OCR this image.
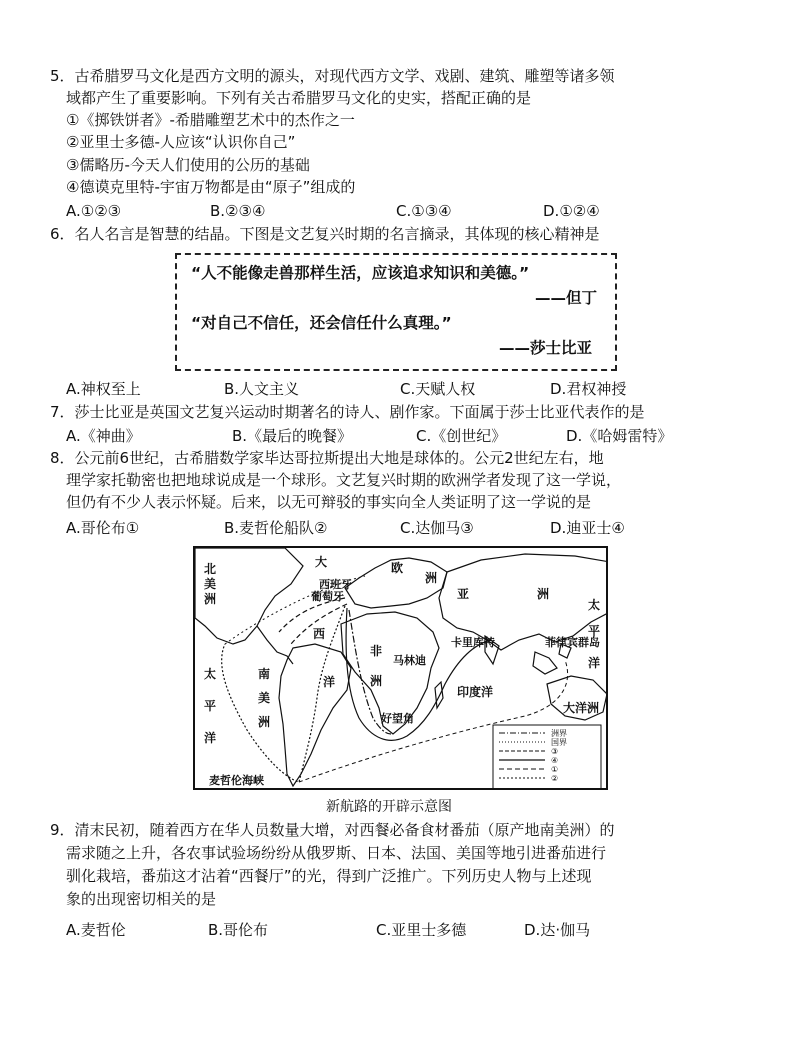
5．古希腊罗马文化是西方文明的源头，对现代西方文学、戏剧、建筑、雕塑等诸多领
域都产生了重要影响。下列有关古希腊罗马文化的史实，搭配正确的是
①《掷铁饼者》-希腊雕塑艺术中的杰作之一
②亚里士多德-人应该“认识你自己”
③儒略历-今天人们使用的公历的基础
④德谟克里特-宇宙万物都是由“原子”组成的
A.①②③	B.②③④	C.①③④	D.①②④
6．名人名言是智慧的结晶。下图是文艺复兴时期的名言摘录，其体现的核心精神是
“人不能像走兽那样生活，应该追求知识和美德。”
——但丁
“对自己不信任，还会信任什么真理。”
——莎士比亚
A.神权至上	B.人文主义	C.天赋人权	D.君权神授
7．莎士比亚是英国文艺复兴运动时期著名的诗人、剧作家。下面属于莎士比亚代表作的是
A.《神曲》	B.《最后的晚餐》	C.《创世纪》	D.《哈姆雷特》
8．公元前6世纪，古希腊数学家毕达哥拉斯提出大地是球体的。公元2世纪左右，地
理学家托勒密也把地球说成是一个球形。文艺复兴时期的欧洲学者发现了这一学说，
但仍有不少人表示怀疑。后来，以无可辩驳的事实向全人类证明了这一学说的是
A.哥伦布①	B.麦哲伦船队②	C.达伽马③	D.迪亚士④
洲界
国界
③
④
①
②
北
美
洲
太
平
洋
南
美
洲
大
西
洋
欧
洲
西班牙
葡萄牙	亚	洲
非
洲
卡里库特
马林迪
印度洋
好望角
菲律宾群岛
太
平
洋
大洋洲
麦哲伦海峡
新航路的开辟示意图
9．清末民初，随着西方在华人员数量大增，对西餐必备食材番茄（原产地南美洲）的
需求随之上升，各农事试验场纷纷从俄罗斯、日本、法国、美国等地引进番茄进行
驯化栽培，番茄这才沾着“西餐厅”的光，得到广泛推广。下列历史人物与上述现
象的出现密切相关的是
A.麦哲伦	B.哥伦布	C.亚里士多德	D.达·伽马
